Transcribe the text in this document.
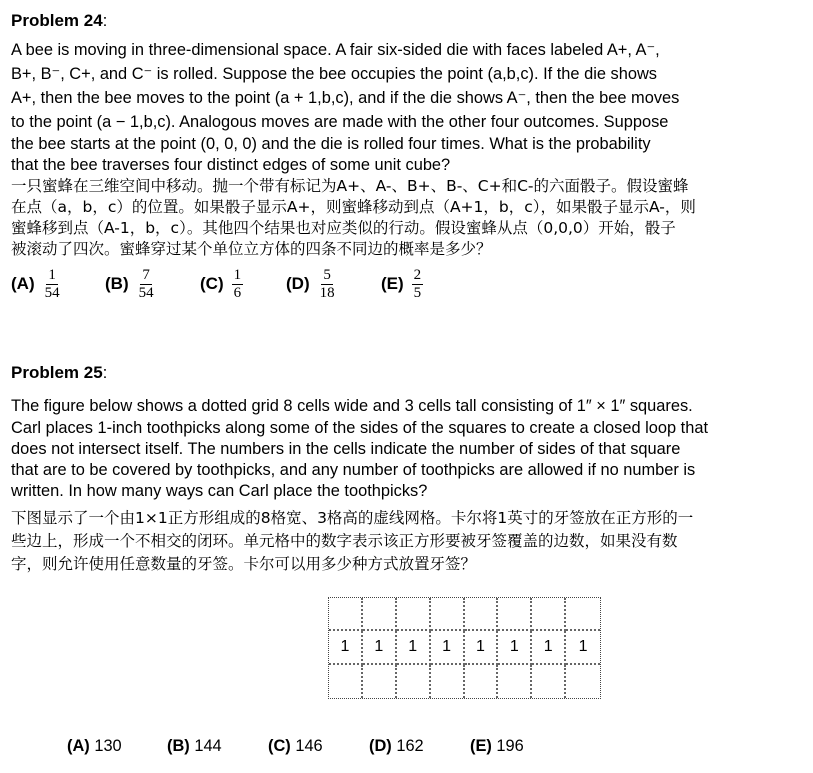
Problem 24:
A bee is moving in three-dimensional space. A fair six-sided die with faces labeled A+, A⁻,
B+, B⁻, C+, and C⁻ is rolled. Suppose the bee occupies the point (a,b,c). If the die shows
A+, then the bee moves to the point (a + 1,b,c), and if the die shows A⁻, then the bee moves
to the point (a − 1,b,c). Analogous moves are made with the other four outcomes. Suppose
the bee starts at the point (0, 0, 0) and the die is rolled four times. What is the probability
that the bee traverses four distinct edges of some unit cube?
一只蜜蜂在三维空间中移动。抛一个带有标记为A+、A-、B+、B-、C+和C-的六面骰子。假设蜜蜂
在点（a，b，c）的位置。如果骰子显示A+，则蜜蜂移动到点（A+1，b，c），如果骰子显示A-，则
蜜蜂移到点（A-1，b，c）。其他四个结果也对应类似的行动。假设蜜蜂从点（0,0,0）开始，骰子
被滚动了四次。蜜蜂穿过某个单位立方体的四条不同边的概率是多少？
$(A) \frac{1}{54}$	$(B) \frac{7}{54}$	$(C) \frac{1}{6}$	$(D) \frac{5}{18}$	$(E) \frac{2}{5}$
Problem 25:
The figure below shows a dotted grid 8 cells wide and 3 cells tall consisting of 1″ × 1″ squares.
Carl places 1-inch toothpicks along some of the sides of the squares to create a closed loop that
does not intersect itself. The numbers in the cells indicate the number of sides of that square
that are to be covered by toothpicks, and any number of toothpicks are allowed if no number is
written. In how many ways can Carl place the toothpicks?
下图显示了一个由1×1正方形组成的8格宽、3格高的虚线网格。卡尔将1英寸的牙签放在正方形的一
些边上，形成一个不相交的闭环。单元格中的数字表示该正方形要被牙签覆盖的边数，如果没有数
字，则允许使用任意数量的牙签。卡尔可以用多少种方式放置牙签？
1	1	1	1	1	1	1	1
(A) 130	(B) 144	(C) 146	(D) 162	(E) 196
